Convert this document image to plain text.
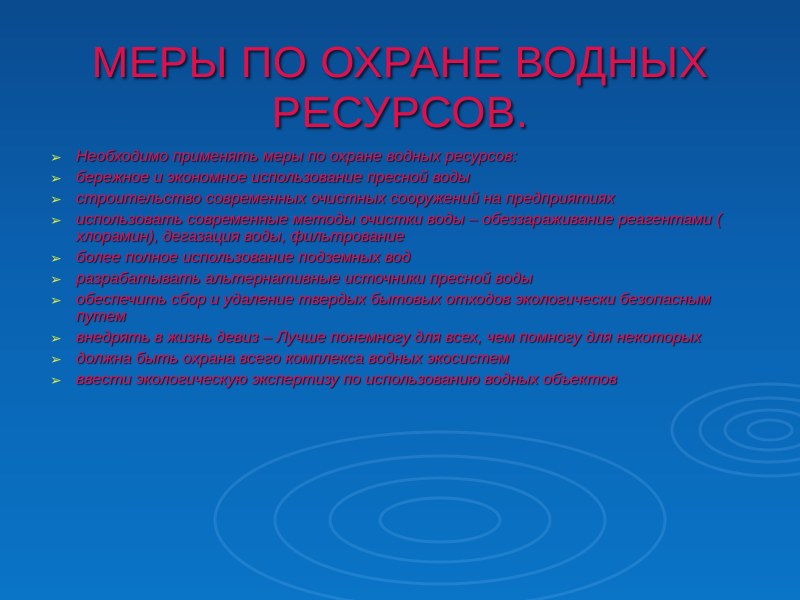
МЕРЫ ПО ОХРАНЕ ВОДНЫХ РЕСУРСОВ.
➢ Необходимо применять меры по охране водных ресурсов:
➢ бережное и экономное использование пресной воды
➢ строительство современных очистных сооружений на предприятиях
➢ использовать современные методы очистки воды – обеззараживание реагентами ( хлорамин), дегазация воды, фильтрование
➢ более полное использование подземных вод
➢ разрабатывать альтернативные источники пресной воды
➢ обеспечить сбор и удаление твердых бытовых отходов экологически безопасным путем
➢ внедрять в жизнь девиз – Лучше понемногу для всех, чем помногу для некоторых
➢ должна быть охрана всего комплекса водных экосистем
➢ ввести экологическую экспертизу по использованию водных объектов
